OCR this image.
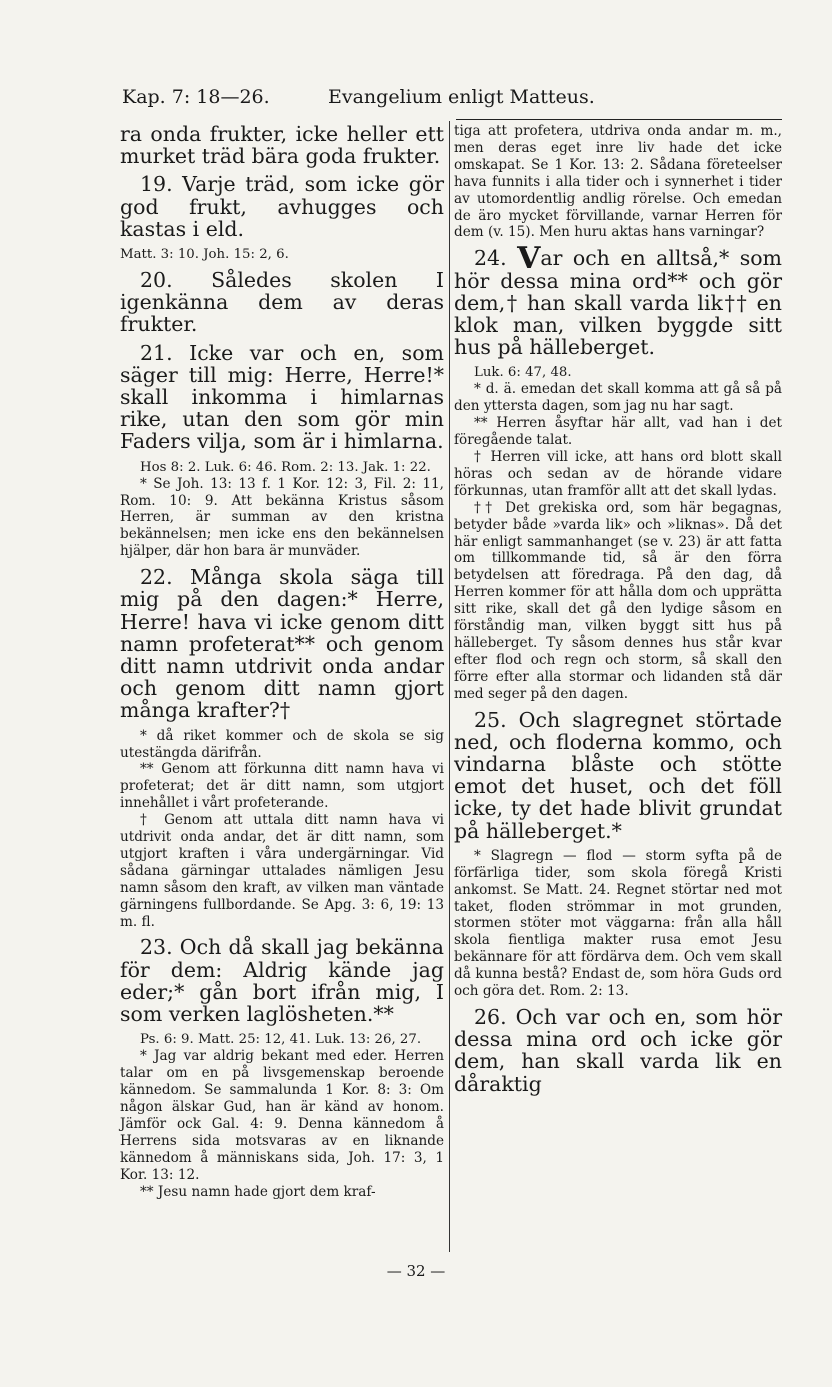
Kap. 7: 18—26.	Evangelium enligt Matteus.

ra onda frukter, icke heller ett murket träd bära goda frukter.

19. Varje träd, som icke gör god frukt, avhugges och kastas i eld.

Matt. 3: 10. Joh. 15: 2, 6.

20. Således skolen I igenkänna dem av deras frukter.

21. Icke var och en, som säger till mig: Herre, Herre!* skall inkomma i himlarnas rike, utan den som gör min Faders vilja, som är i himlarna.

Hos 8: 2. Luk. 6: 46. Rom. 2: 13. Jak. 1: 22.

* Se Joh. 13: 13 f. 1 Kor. 12: 3, Fil. 2: 11, Rom. 10: 9. Att bekänna Kristus såsom Herren, är summan av den kristna bekännelsen; men icke ens den bekännelsen hjälper, där hon bara är munväder.

22. Många skola säga till mig på den dagen:* Herre, Herre! hava vi icke genom ditt namn profeterat** och genom ditt namn utdrivit onda andar och genom ditt namn gjort många krafter?†

* då riket kommer och de skola se sig utestängda därifrån.

** Genom att förkunna ditt namn hava vi profeterat; det är ditt namn, som utgjort innehållet i vårt profeterande.

† Genom att uttala ditt namn hava vi utdrivit onda andar, det är ditt namn, som utgjort kraften i våra undergärningar. Vid sådana gärningar uttalades nämligen Jesu namn såsom den kraft, av vilken man väntade gärningens fullbordande. Se Apg. 3: 6, 19: 13 m. fl.

23. Och då skall jag bekänna för dem: Aldrig kände jag eder;* gån bort ifrån mig, I som verken laglösheten.**

Ps. 6: 9. Matt. 25: 12, 41. Luk. 13: 26, 27.

* Jag var aldrig bekant med eder. Herren talar om en på livsgemenskap beroende kännedom. Se sammalunda 1 Kor. 8: 3: Om någon älskar Gud, han är känd av honom. Jämför ock Gal. 4: 9. Denna kännedom å Herrens sida motsvaras av en liknande kännedom å människans sida, Joh. 17: 3, 1 Kor. 13: 12.

** Jesu namn hade gjort dem kraf-

tiga att profetera, utdriva onda andar m. m., men deras eget inre liv hade det icke omskapat. Se 1 Kor. 13: 2. Sådana företeelser hava funnits i alla tider och i synnerhet i tider av utomordentlig andlig rörelse. Och emedan de äro mycket förvillande, varnar Herren för dem (v. 15). Men huru aktas hans varningar?

24. Var och en alltså,* som hör dessa mina ord** och gör dem,† han skall varda lik†† en klok man, vilken byggde sitt hus på hälleberget.

Luk. 6: 47, 48.

* d. ä. emedan det skall komma att gå så på den yttersta dagen, som jag nu har sagt.

** Herren åsyftar här allt, vad han i det föregående talat.

† Herren vill icke, att hans ord blott skall höras och sedan av de hörande vidare förkunnas, utan framför allt att det skall lydas.

†† Det grekiska ord, som här begagnas, betyder både »varda lik» och »liknas». Då det här enligt sammanhanget (se v. 23) är att fatta om tillkommande tid, så är den förra betydelsen att föredraga. På den dag, då Herren kommer för att hålla dom och upprätta sitt rike, skall det gå den lydige såsom en förståndig man, vilken byggt sitt hus på hälleberget. Ty såsom dennes hus står kvar efter flod och regn och storm, så skall den förre efter alla stormar och lidanden stå där med seger på den dagen.

25. Och slagregnet störtade ned, och floderna kommo, och vindarna blåste och stötte emot det huset, och det föll icke, ty det hade blivit grundat på hälleberget.*

* Slagregn — flod — storm syfta på de förfärliga tider, som skola föregå Kristi ankomst. Se Matt. 24. Regnet störtar ned mot taket, floden strömmar in mot grunden, stormen stöter mot väggarna: från alla håll skola fientliga makter rusa emot Jesu bekännare för att fördärva dem. Och vem skall då kunna bestå? Endast de, som höra Guds ord och göra det. Rom. 2: 13.

26. Och var och en, som hör dessa mina ord och icke gör dem, han skall varda lik en dåraktig

— 32 —
